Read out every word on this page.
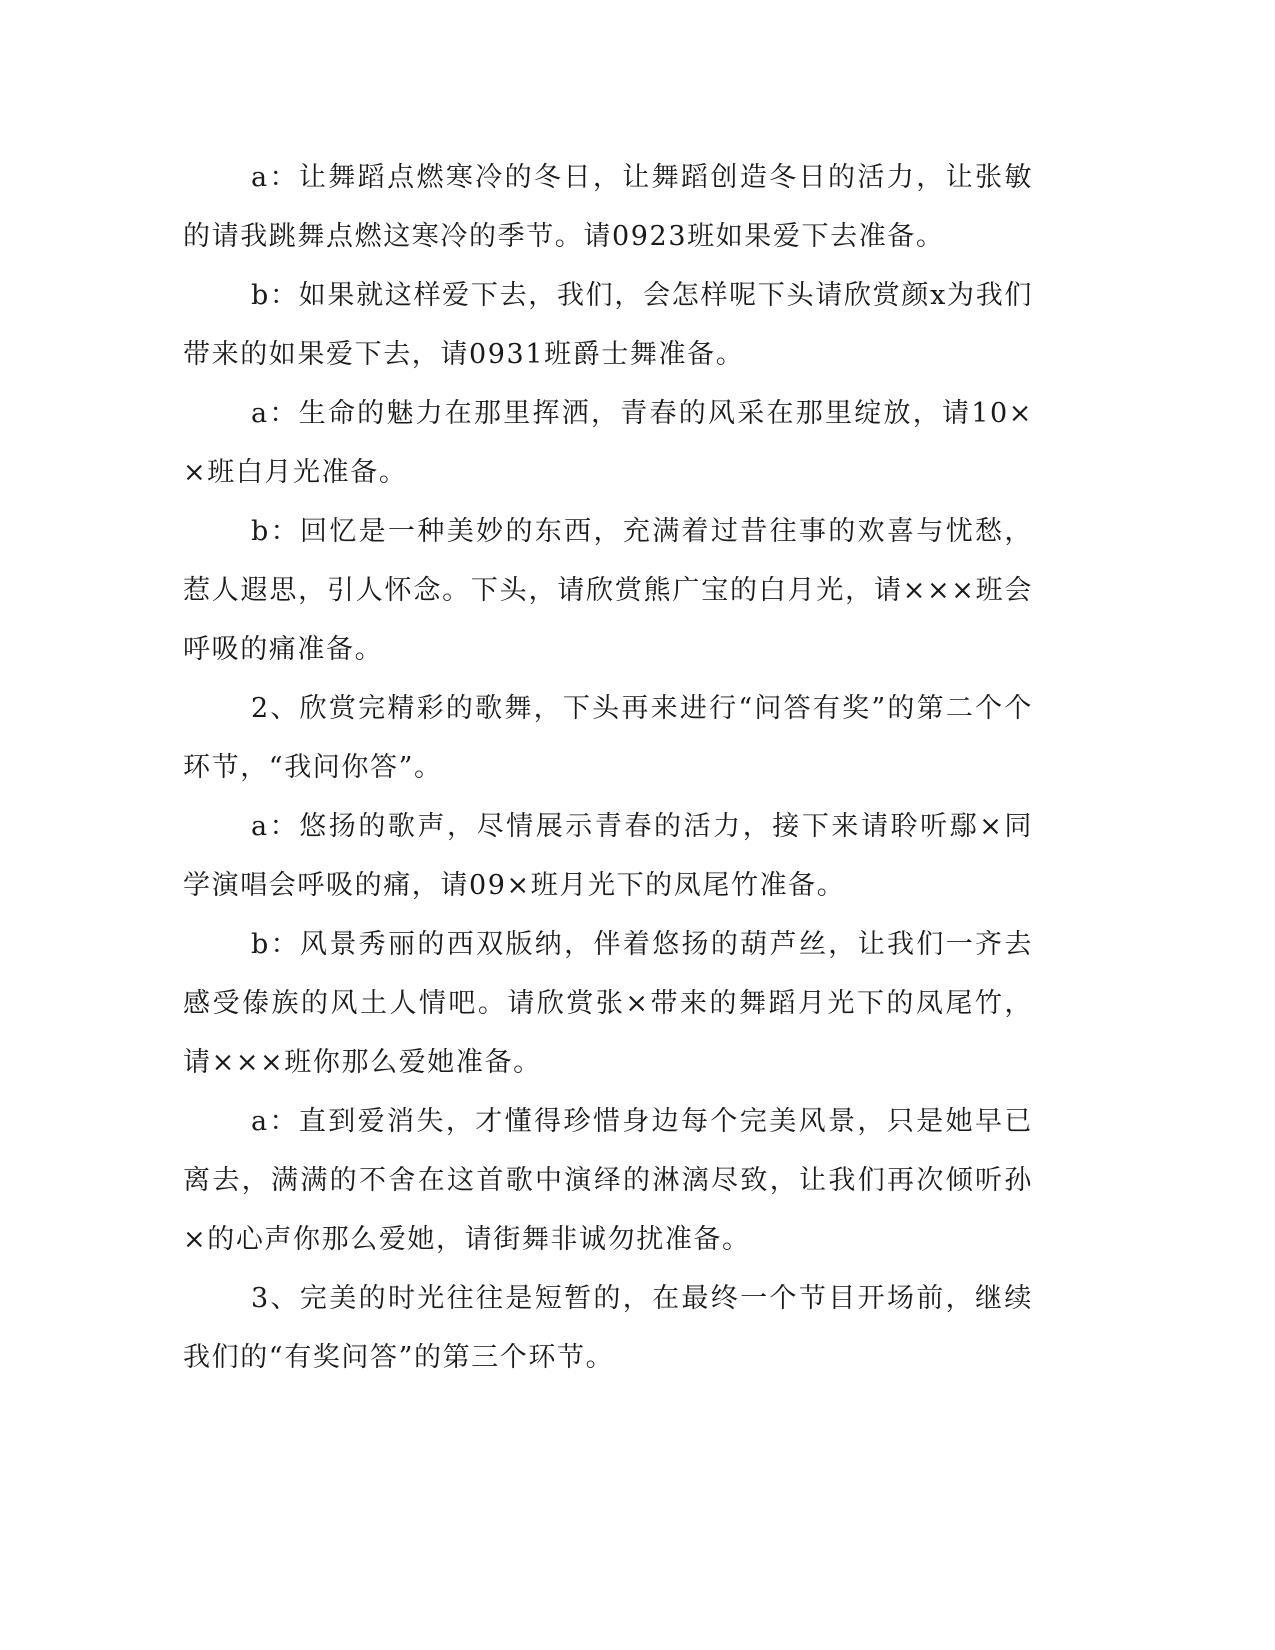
a：让舞蹈点燃寒冷的冬日，让舞蹈创造冬日的活力，让张敏的请我跳舞点燃这寒冷的季节。请0923班如果爱下去准备。

b：如果就这样爱下去，我们，会怎样呢下头请欣赏颜x为我们带来的如果爱下去，请0931班爵士舞准备。

a：生命的魅力在那里挥洒，青春的风采在那里绽放，请10××班白月光准备。

b：回忆是一种美妙的东西，充满着过昔往事的欢喜与忧愁，惹人遐思，引人怀念。下头，请欣赏熊广宝的白月光，请×××班会呼吸的痛准备。

2、欣赏完精彩的歌舞，下头再来进行“问答有奖”的第二个个环节，“我问你答”。

a：悠扬的歌声，尽情展示青春的活力，接下来请聆听鄢×同学演唱会呼吸的痛，请09×班月光下的凤尾竹准备。

b：风景秀丽的西双版纳，伴着悠扬的葫芦丝，让我们一齐去感受傣族的风土人情吧。请欣赏张×带来的舞蹈月光下的凤尾竹，请×××班你那么爱她准备。

a：直到爱消失，才懂得珍惜身边每个完美风景，只是她早已离去，满满的不舍在这首歌中演绎的淋漓尽致，让我们再次倾听孙×的心声你那么爱她，请街舞非诚勿扰准备。

3、完美的时光往往是短暂的，在最终一个节目开场前，继续我们的“有奖问答”的第三个环节。
